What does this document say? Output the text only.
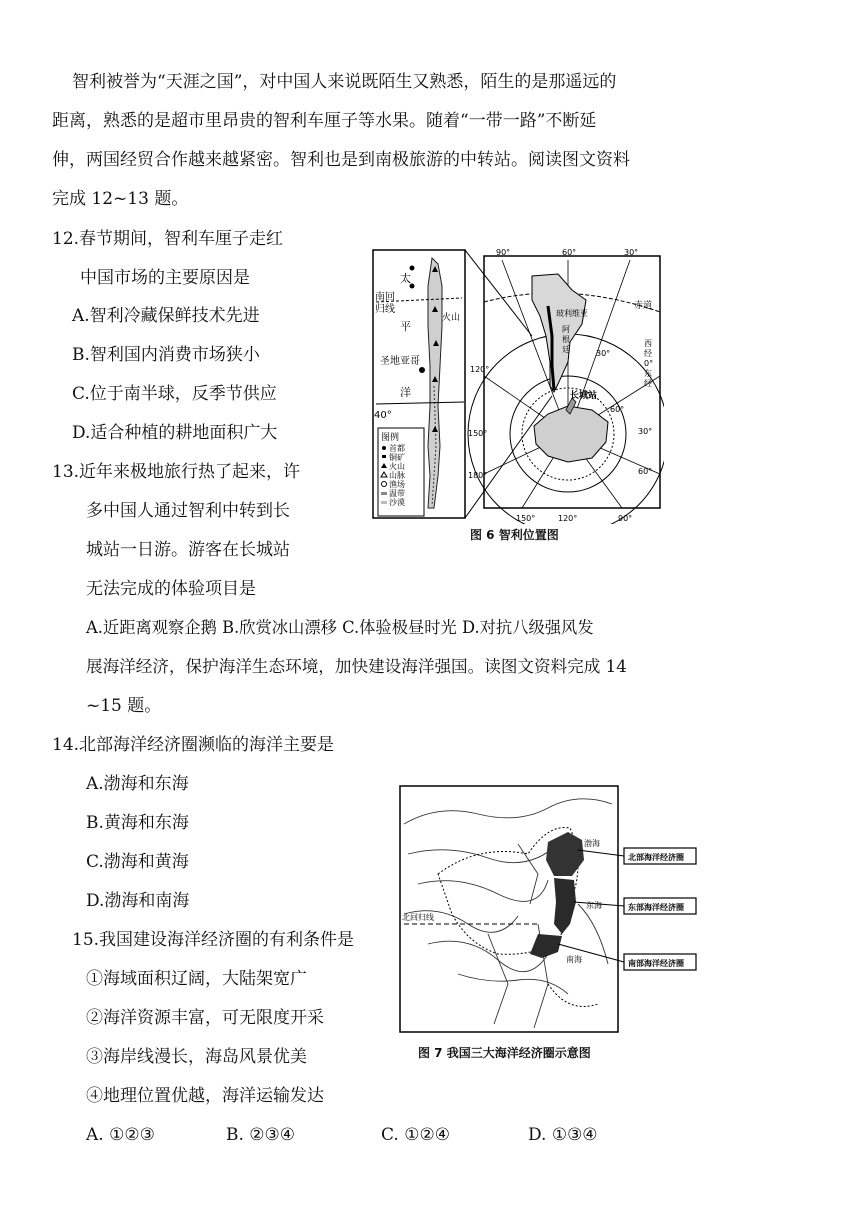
智利被誉为“天涯之国”，对中国人来说既陌生又熟悉，陌生的是那遥远的
距离，熟悉的是超市里昂贵的智利车厘子等水果。随着“一带一路”不断延
伸，两国经贸合作越来越紧密。智利也是到南极旅游的中转站。阅读图文资料
完成 12~13 题。
12.春节期间，智利车厘子走红
中国市场的主要原因是
A.智利冷藏保鲜技术先进
B.智利国内消费市场狭小
C.位于南半球，反季节供应
D.适合种植的耕地面积广大
13.近年来极地旅行热了起来，许
多中国人通过智利中转到长
城站一日游。游客在长城站
无法完成的体验项目是
A.近距离观察企鹅 B.欣赏冰山漂移 C.体验极昼时光 D.对抗八级强风发
展海洋经济，保护海洋生态环境，加快建设海洋强国。读图文资料完成 14
~15 题。
14.北部海洋经济圈濒临的海洋主要是
A.渤海和东海
B.黄海和东海
C.渤海和黄海
D.渤海和南海
15.我国建设海洋经济圈的有利条件是
①海域面积辽阔，大陆架宽广
②海洋资源丰富，可无限度开采
③海岸线漫长，海岛风景优美
④地理位置优越，海洋运输发达
A. ①②③	B. ②③④	C. ①②④	D. ①③④
太
平
洋
南回
归线
圣地亚哥
40°
火山
图例
首都
铜矿
火山
山脉
渔场
温带
沙漠
90°	60°	30°
150°	120°	90°
120°
150°
180°
30°
60°
赤道
西
经
0°
东
经
玻利维亚
阿
根
廷
长城站
30°
60°
图 6 智利位置图
渤海
东海
南海
北回归线
北部海洋经济圈
东部海洋经济圈
南部海洋经济圈
图 7 我国三大海洋经济圈示意图
